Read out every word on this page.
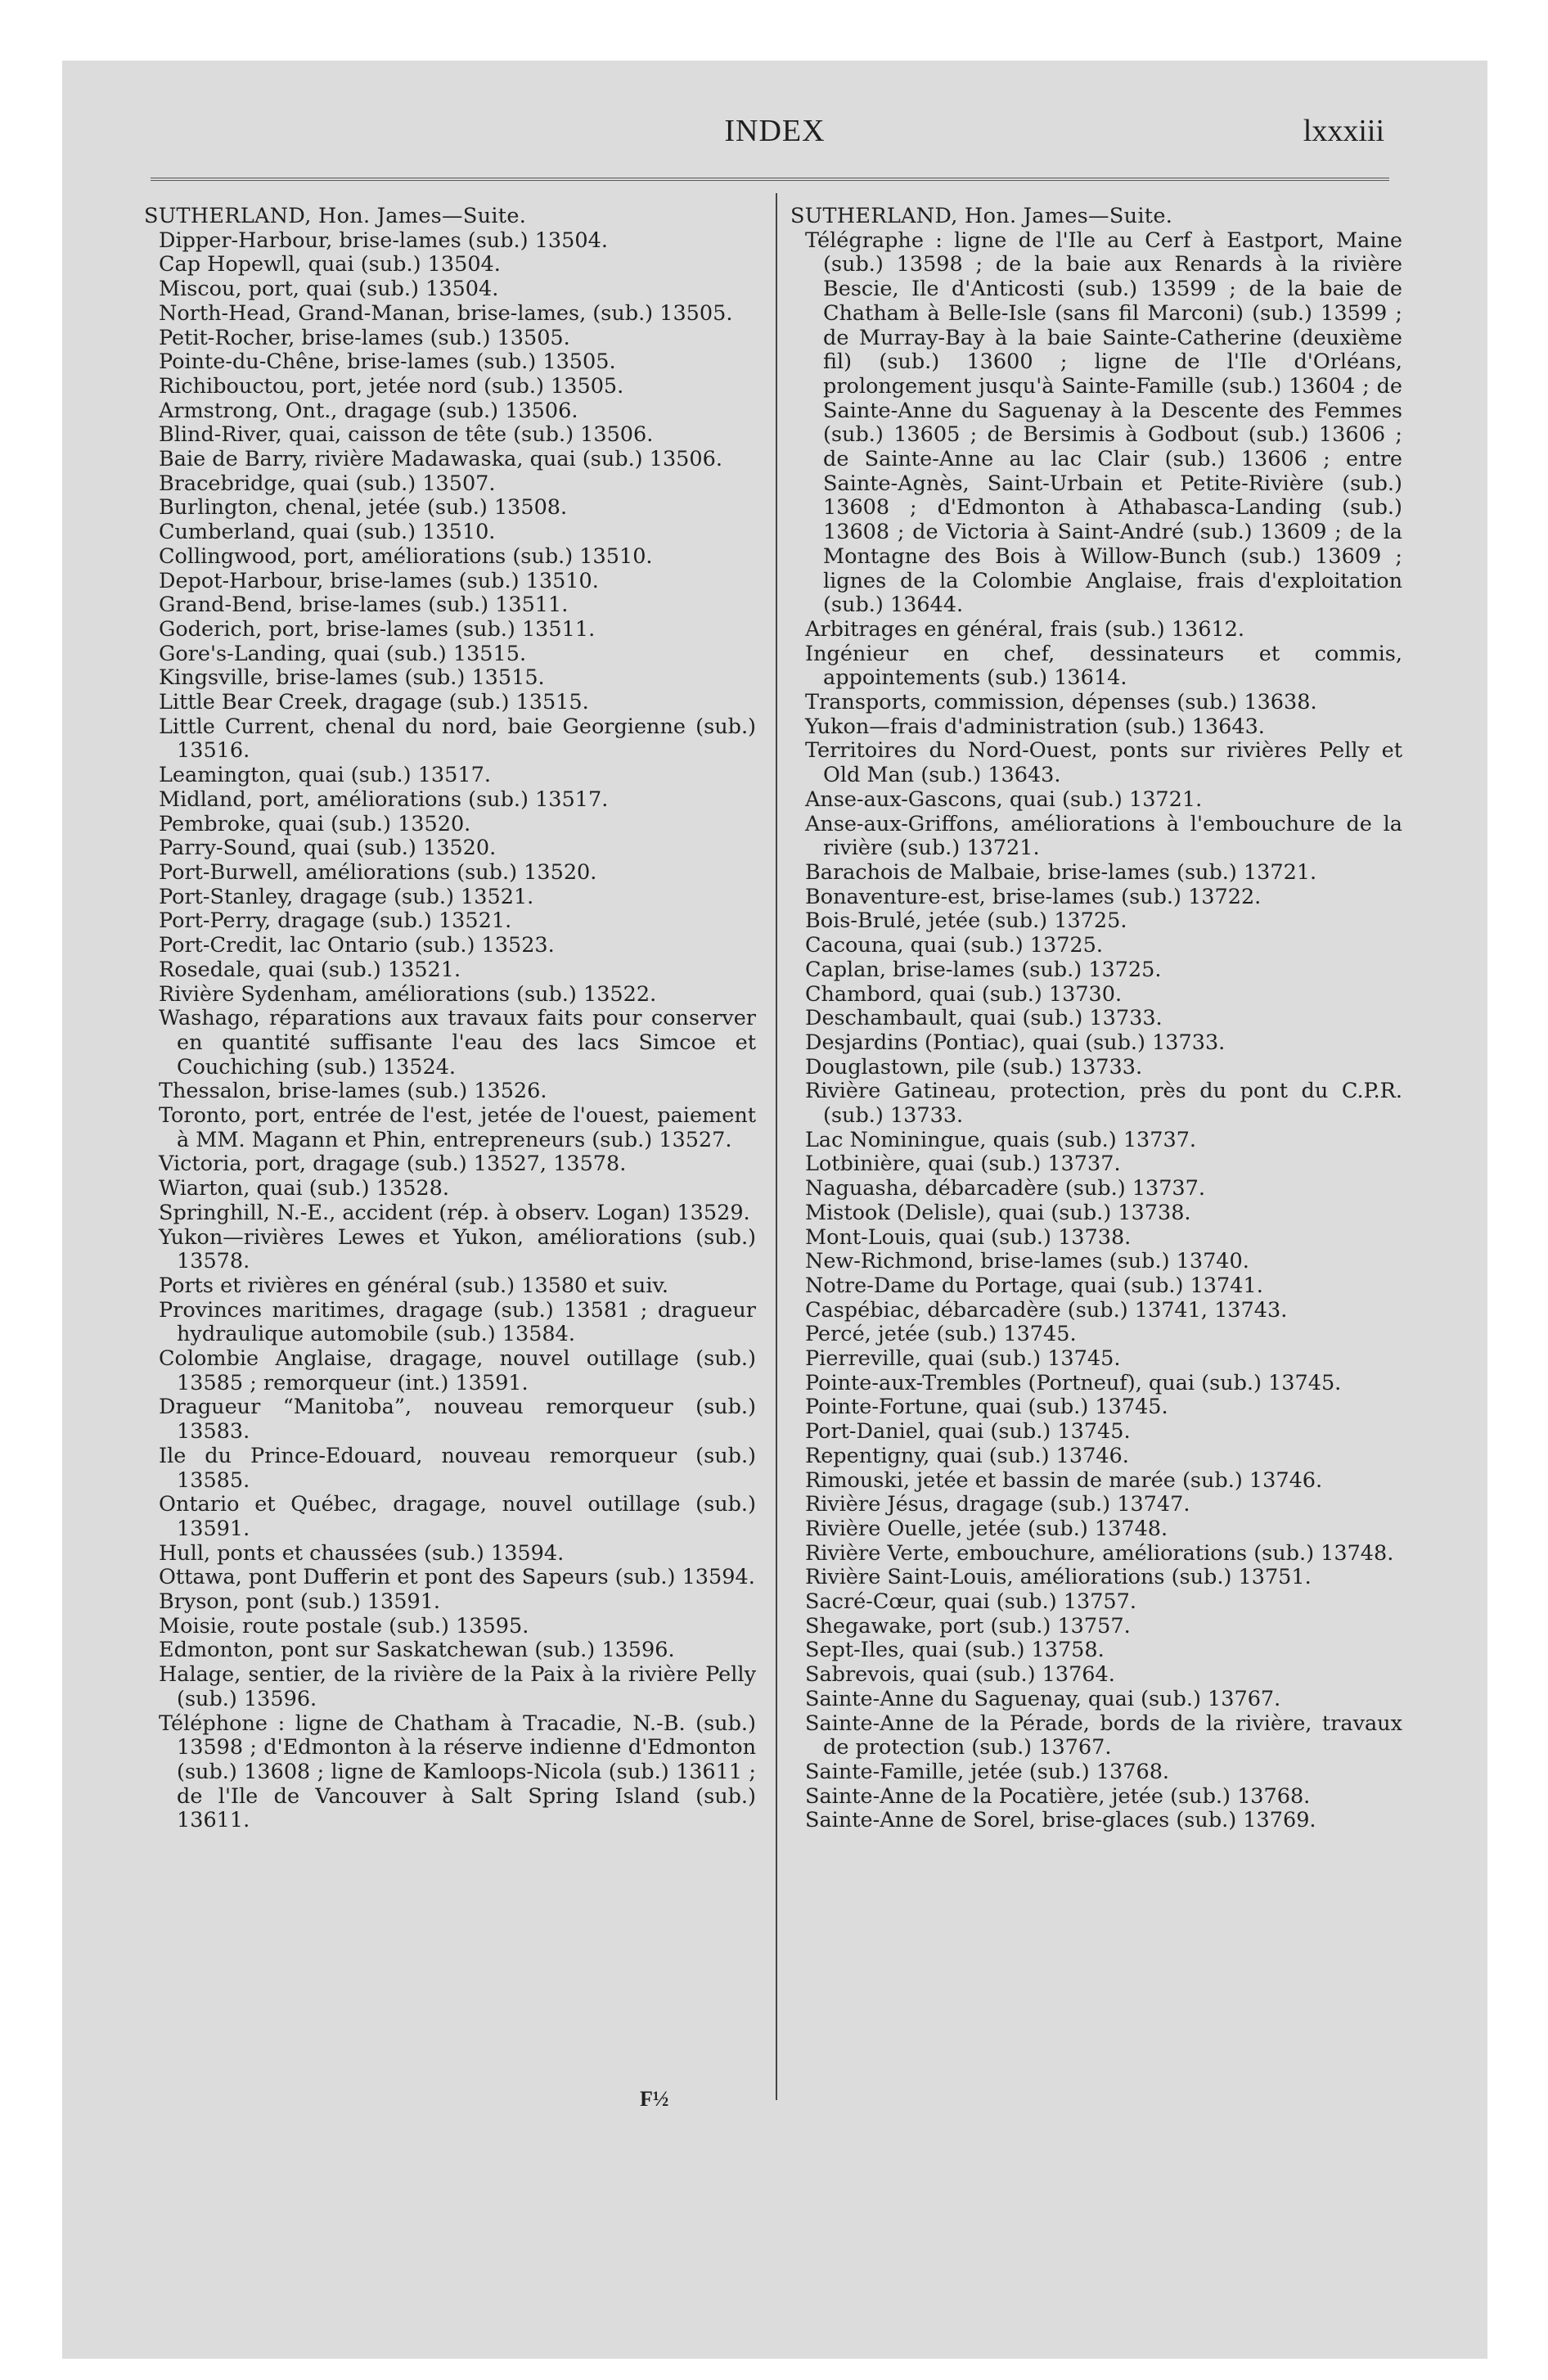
INDEX	lxxxiii
SUTHERLAND, Hon. James—Suite.
Dipper-Harbour, brise-lames (sub.) 13504.
Cap Hopewll, quai (sub.) 13504.
Miscou, port, quai (sub.) 13504.
North-Head, Grand-Manan, brise-lames, (sub.) 13505.
Petit-Rocher, brise-lames (sub.) 13505.
Pointe-du-Chêne, brise-lames (sub.) 13505.
Richibouctou, port, jetée nord (sub.) 13505.
Armstrong, Ont., dragage (sub.) 13506.
Blind-River, quai, caisson de tête (sub.) 13506.
Baie de Barry, rivière Madawaska, quai (sub.) 13506.
Bracebridge, quai (sub.) 13507.
Burlington, chenal, jetée (sub.) 13508.
Cumberland, quai (sub.) 13510.
Collingwood, port, améliorations (sub.) 13510.
Depot-Harbour, brise-lames (sub.) 13510.
Grand-Bend, brise-lames (sub.) 13511.
Goderich, port, brise-lames (sub.) 13511.
Gore's-Landing, quai (sub.) 13515.
Kingsville, brise-lames (sub.) 13515.
Little Bear Creek, dragage (sub.) 13515.
Little Current, chenal du nord, baie Georgienne (sub.) 13516.
Leamington, quai (sub.) 13517.
Midland, port, améliorations (sub.) 13517.
Pembroke, quai (sub.) 13520.
Parry-Sound, quai (sub.) 13520.
Port-Burwell, améliorations (sub.) 13520.
Port-Stanley, dragage (sub.) 13521.
Port-Perry, dragage (sub.) 13521.
Port-Credit, lac Ontario (sub.) 13523.
Rosedale, quai (sub.) 13521.
Rivière Sydenham, améliorations (sub.) 13522.
Washago, réparations aux travaux faits pour conserver en quantité suffisante l'eau des lacs Simcoe et Couchiching (sub.) 13524.
Thessalon, brise-lames (sub.) 13526.
Toronto, port, entrée de l'est, jetée de l'ouest, paiement à MM. Magann et Phin, entrepreneurs (sub.) 13527.
Victoria, port, dragage (sub.) 13527, 13578.
Wiarton, quai (sub.) 13528.
Springhill, N.-E., accident (rép. à observ. Logan) 13529.
Yukon—rivières Lewes et Yukon, améliorations (sub.) 13578.
Ports et rivières en général (sub.) 13580 et suiv.
Provinces maritimes, dragage (sub.) 13581 ; dragueur hydraulique automobile (sub.) 13584.
Colombie Anglaise, dragage, nouvel outillage (sub.) 13585 ; remorqueur (int.) 13591.
Dragueur “Manitoba”, nouveau remorqueur (sub.) 13583.
Ile du Prince-Edouard, nouveau remorqueur (sub.) 13585.
Ontario et Québec, dragage, nouvel outillage (sub.) 13591.
Hull, ponts et chaussées (sub.) 13594.
Ottawa, pont Dufferin et pont des Sapeurs (sub.) 13594.
Bryson, pont (sub.) 13591.
Moisie, route postale (sub.) 13595.
Edmonton, pont sur Saskatchewan (sub.) 13596.
Halage, sentier, de la rivière de la Paix à la rivière Pelly (sub.) 13596.
Téléphone : ligne de Chatham à Tracadie, N.-B. (sub.) 13598 ; d'Edmonton à la réserve indienne d'Edmonton (sub.) 13608 ; ligne de Kamloops-Nicola (sub.) 13611 ; de l'Ile de Vancouver à Salt Spring Island (sub.) 13611.
SUTHERLAND, Hon. James—Suite.
Télégraphe : ligne de l'Ile au Cerf à Eastport, Maine (sub.) 13598 ; de la baie aux Renards à la rivière Bescie, Ile d'Anticosti (sub.) 13599 ; de la baie de Chatham à Belle-Isle (sans fil Marconi) (sub.) 13599 ; de Murray-Bay à la baie Sainte-Catherine (deuxième fil) (sub.) 13600 ; ligne de l'Ile d'Orléans, prolongement jusqu'à Sainte-Famille (sub.) 13604 ; de Sainte-Anne du Saguenay à la Descente des Femmes (sub.) 13605 ; de Bersimis à Godbout (sub.) 13606 ; de Sainte-Anne au lac Clair (sub.) 13606 ; entre Sainte-Agnès, Saint-Urbain et Petite-Rivière (sub.) 13608 ; d'Edmonton à Athabasca-Landing (sub.) 13608 ; de Victoria à Saint-André (sub.) 13609 ; de la Montagne des Bois à Willow-Bunch (sub.) 13609 ; lignes de la Colombie Anglaise, frais d'exploitation (sub.) 13644.
Arbitrages en général, frais (sub.) 13612.
Ingénieur en chef, dessinateurs et commis, appointements (sub.) 13614.
Transports, commission, dépenses (sub.) 13638.
Yukon—frais d'administration (sub.) 13643.
Territoires du Nord-Ouest, ponts sur rivières Pelly et Old Man (sub.) 13643.
Anse-aux-Gascons, quai (sub.) 13721.
Anse-aux-Griffons, améliorations à l'embouchure de la rivière (sub.) 13721.
Barachois de Malbaie, brise-lames (sub.) 13721.
Bonaventure-est, brise-lames (sub.) 13722.
Bois-Brulé, jetée (sub.) 13725.
Cacouna, quai (sub.) 13725.
Caplan, brise-lames (sub.) 13725.
Chambord, quai (sub.) 13730.
Deschambault, quai (sub.) 13733.
Desjardins (Pontiac), quai (sub.) 13733.
Douglastown, pile (sub.) 13733.
Rivière Gatineau, protection, près du pont du C.P.R. (sub.) 13733.
Lac Nominingue, quais (sub.) 13737.
Lotbinière, quai (sub.) 13737.
Naguasha, débarcadère (sub.) 13737.
Mistook (Delisle), quai (sub.) 13738.
Mont-Louis, quai (sub.) 13738.
New-Richmond, brise-lames (sub.) 13740.
Notre-Dame du Portage, quai (sub.) 13741.
Caspébiac, débarcadère (sub.) 13741, 13743.
Percé, jetée (sub.) 13745.
Pierreville, quai (sub.) 13745.
Pointe-aux-Trembles (Portneuf), quai (sub.) 13745.
Pointe-Fortune, quai (sub.) 13745.
Port-Daniel, quai (sub.) 13745.
Repentigny, quai (sub.) 13746.
Rimouski, jetée et bassin de marée (sub.) 13746.
Rivière Jésus, dragage (sub.) 13747.
Rivière Ouelle, jetée (sub.) 13748.
Rivière Verte, embouchure, améliorations (sub.) 13748.
Rivière Saint-Louis, améliorations (sub.) 13751.
Sacré-Cœur, quai (sub.) 13757.
Shegawake, port (sub.) 13757.
Sept-Iles, quai (sub.) 13758.
Sabrevois, quai (sub.) 13764.
Sainte-Anne du Saguenay, quai (sub.) 13767.
Sainte-Anne de la Pérade, bords de la rivière, travaux de protection (sub.) 13767.
Sainte-Famille, jetée (sub.) 13768.
Sainte-Anne de la Pocatière, jetée (sub.) 13768.
Sainte-Anne de Sorel, brise-glaces (sub.) 13769.
F½
